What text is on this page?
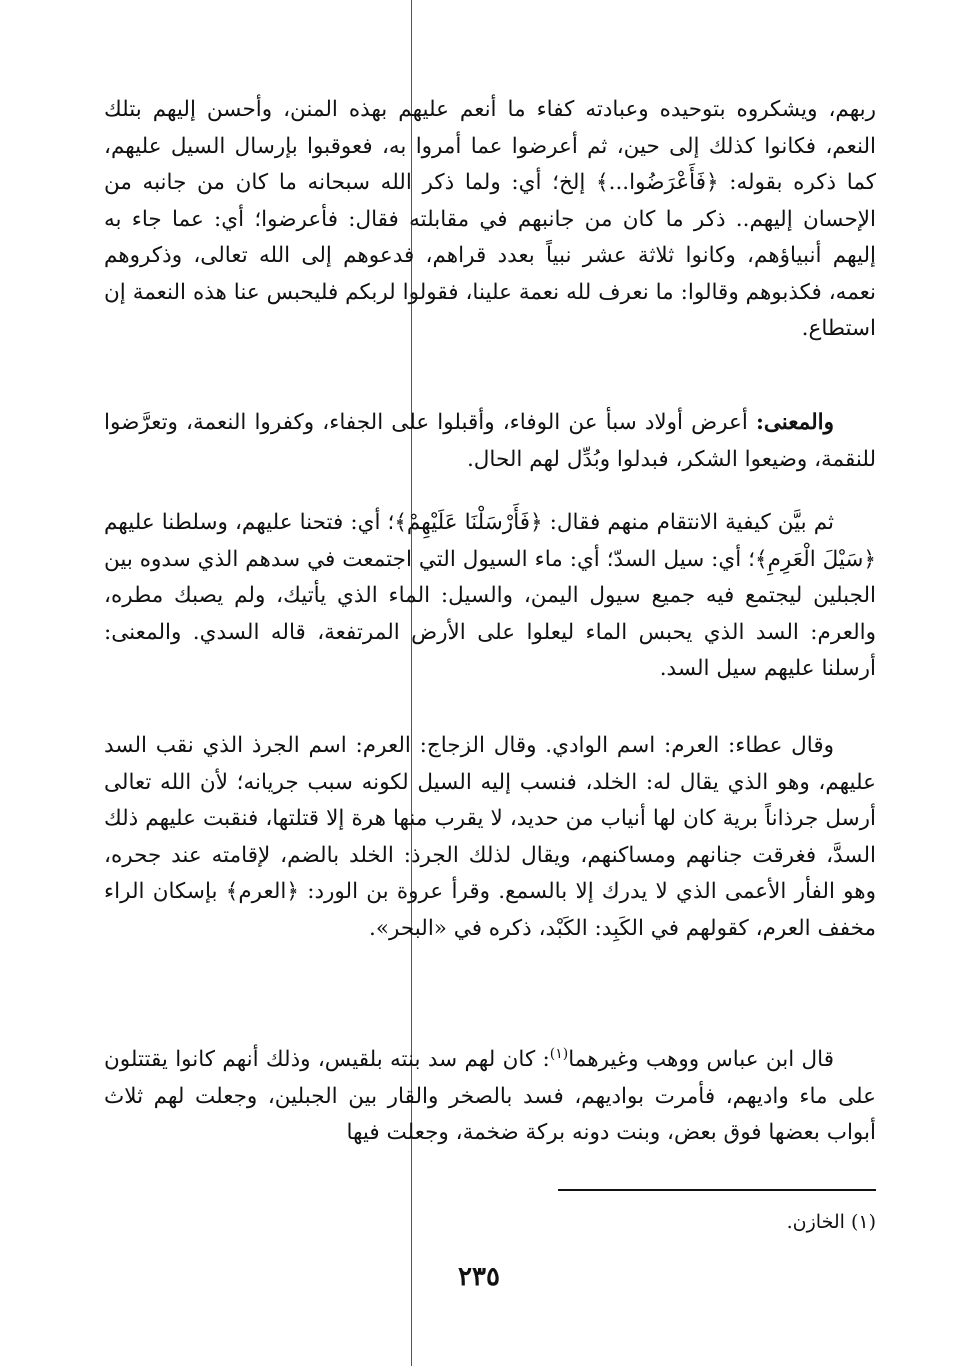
ربهم، ويشكروه بتوحيده وعبادته كفاء ما أنعم عليهم بهذه المنن، وأحسن إليهم بتلك النعم، فكانوا كذلك إلى حين، ثم أعرضوا عما أمروا به، فعوقبوا بإرسال السيل عليهم، كما ذكره بقوله: ﴿فَأَعْرَضُوا...﴾ إلخ؛ أي: ولما ذكر الله سبحانه ما كان من جانبه من الإحسان إليهم.. ذكر ما كان من جانبهم في مقابلته فقال: فأعرضوا؛ أي: عما جاء به إليهم أنبياؤهم، وكانوا ثلاثة عشر نبياً بعدد قراهم، فدعوهم إلى الله تعالى، وذكروهم نعمه، فكذبوهم وقالوا: ما نعرف لله نعمة علينا، فقولوا لربكم فليحبس عنا هذه النعمة إن استطاع.

والمعنى: أعرض أولاد سبأ عن الوفاء، وأقبلوا على الجفاء، وكفروا النعمة، وتعرَّضوا للنقمة، وضيعوا الشكر، فبدلوا وبُدِّل لهم الحال.

ثم بيَّن كيفية الانتقام منهم فقال: ﴿فَأَرْسَلْنَا عَلَيْهِمْ﴾؛ أي: فتحنا عليهم، وسلطنا عليهم ﴿سَيْلَ الْعَرِمِ﴾؛ أي: سيل السدّ؛ أي: ماء السيول التي اجتمعت في سدهم الذي سدوه بين الجبلين ليجتمع فيه جميع سيول اليمن، والسيل: الماء الذي يأتيك، ولم يصبك مطره، والعرم: السد الذي يحبس الماء ليعلوا على الأرض المرتفعة، قاله السدي. والمعنى: أرسلنا عليهم سيل السد.

وقال عطاء: العرم: اسم الوادي. وقال الزجاج: العرم: اسم الجرذ الذي نقب السد عليهم، وهو الذي يقال له: الخلد، فنسب إليه السيل لكونه سبب جريانه؛ لأن الله تعالى أرسل جرذاناً برية كان لها أنياب من حديد، لا يقرب منها هرة إلا قتلتها، فنقبت عليهم ذلك السدَّ، فغرقت جنانهم ومساكنهم، ويقال لذلك الجرذ: الخلد بالضم، لإقامته عند جحره، وهو الفأر الأعمى الذي لا يدرك إلا بالسمع. وقرأ عروة بن الورد: ﴿العرم﴾ بإسكان الراء مخفف العرم، كقولهم في الكَبِد: الكَبْد، ذكره في «البحر».

قال ابن عباس ووهب وغيرهما$^{(١)}$: كان لهم سد بنته بلقيس، وذلك أنهم كانوا يقتتلون على ماء واديهم، فأمرت بواديهم، فسد بالصخر والقار بين الجبلين، وجعلت لهم ثلاث أبواب بعضها فوق بعض، وبنت دونه بركة ضخمة، وجعلت فيها

(١) الخازن.
٢٣٥
